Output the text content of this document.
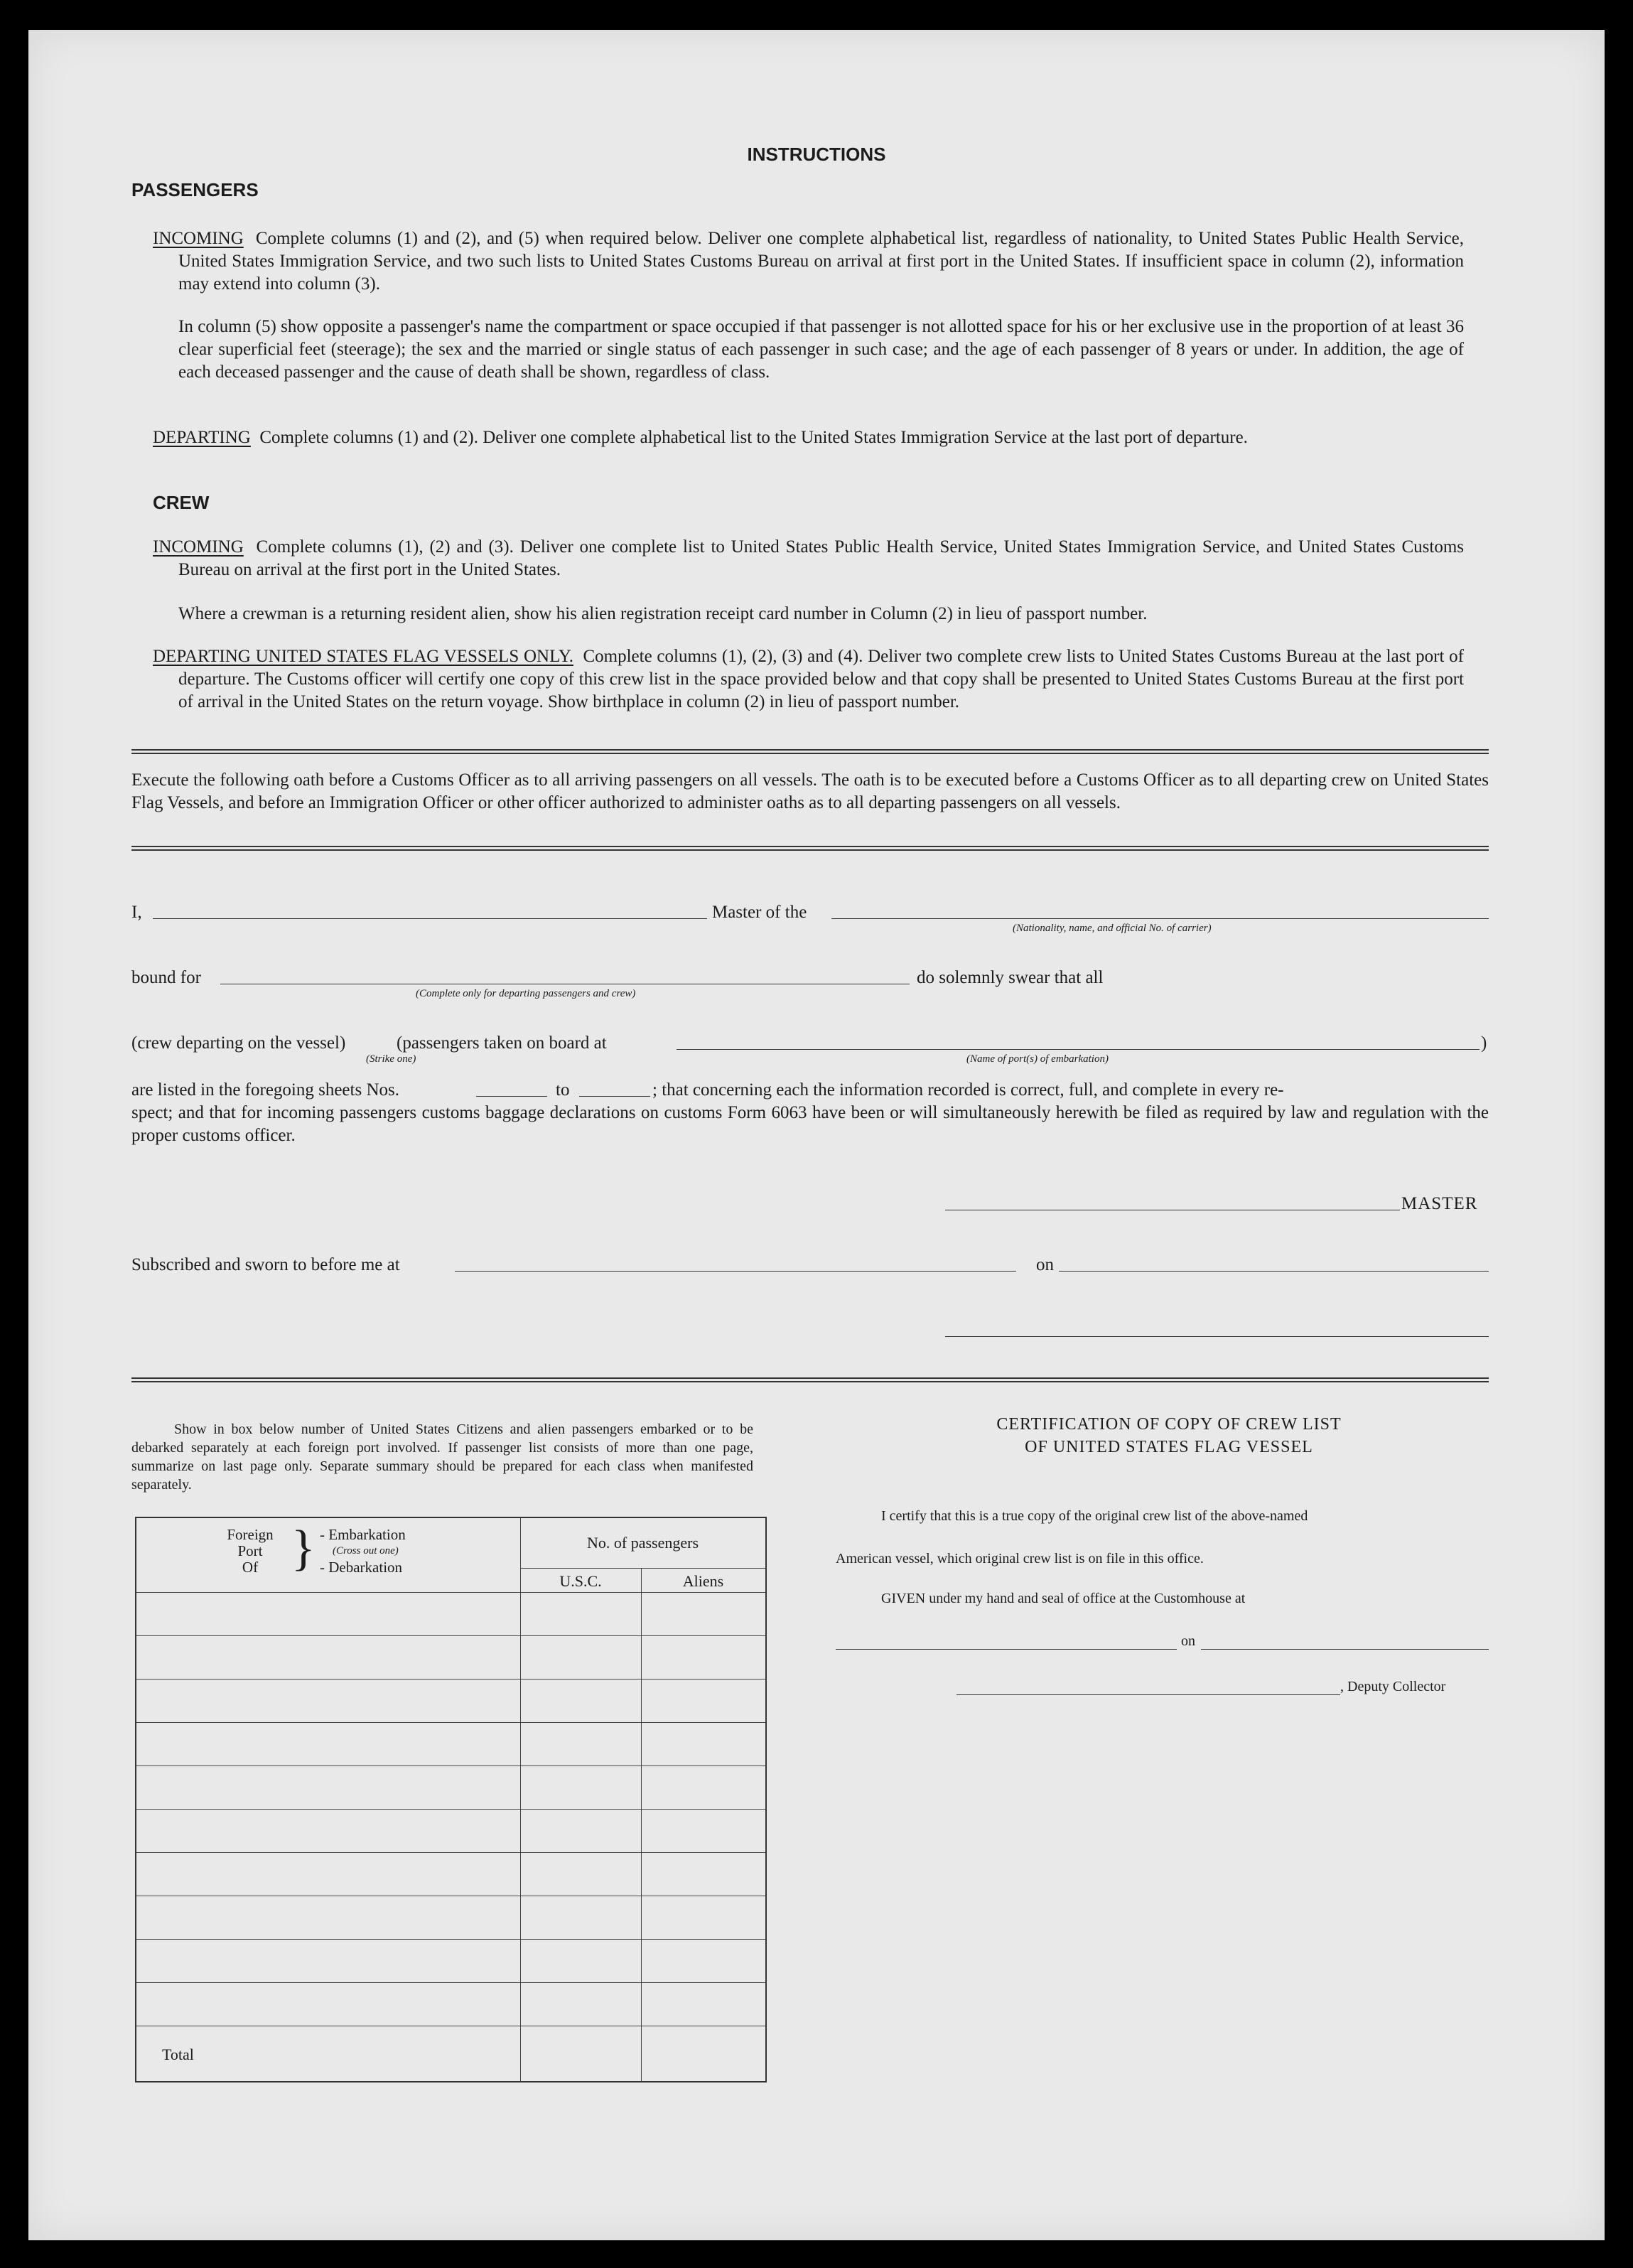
INSTRUCTIONS
PASSENGERS

INCOMING Complete columns (1) and (2), and (5) when required below. Deliver one complete alphabetical list, regardless of nationality, to United States Public Health Service, United States Immigration Service, and two such lists to United States Customs Bureau on arrival at first port in the United States. If insufficient space in column (2), information may extend into column (3).

In column (5) show opposite a passenger's name the compartment or space occupied if that passenger is not allotted space for his or her exclusive use in the proportion of at least 36 clear superficial feet (steerage); the sex and the married or single status of each passenger in such case; and the age of each passenger of 8 years or under. In addition, the age of each deceased passenger and the cause of death shall be shown, regardless of class.

DEPARTING Complete columns (1) and (2). Deliver one complete alphabetical list to the United States Immigration Service at the last port of departure.

CREW

INCOMING Complete columns (1), (2) and (3). Deliver one complete list to United States Public Health Service, United States Immigration Service, and United States Customs Bureau on arrival at the first port in the United States.

Where a crewman is a returning resident alien, show his alien registration receipt card number in Column (2) in lieu of passport number.

DEPARTING UNITED STATES FLAG VESSELS ONLY. Complete columns (1), (2), (3) and (4). Deliver two complete crew lists to United States Customs Bureau at the last port of departure. The Customs officer will certify one copy of this crew list in the space provided below and that copy shall be presented to United States Customs Bureau at the first port of arrival in the United States on the return voyage. Show birthplace in column (2) in lieu of passport number.

Execute the following oath before a Customs Officer as to all arriving passengers on all vessels. The oath is to be executed before a Customs Officer as to all departing crew on United States Flag Vessels, and before an Immigration Officer or other officer authorized to administer oaths as to all departing passengers on all vessels.

I,	Master of the
(Nationality, name, and official No. of carrier)
bound for
(Complete only for departing passengers and crew)
do solemnly swear that all
(crew departing on the vessel)
(Strike one)
(passengers taken on board at	)
(Name of port(s) of embarkation)
are listed in the foregoing sheets Nos.	to	; that concerning each the information recorded is correct, full, and complete in every re-

spect; and that for incoming passengers customs baggage declarations on customs Form 6063 have been or will simultaneously herewith be filed as required by law and regulation with the proper customs officer.

MASTER
Subscribed and sworn to before me at	on

Show in box below number of United States Citizens and alien passengers embarked or to be debarked separately at each foreign port involved. If passenger list consists of more than one page, summarize on last page only. Separate summary should be prepared for each class when manifested separately.

Foreign
Port
Of } - Embarkation
(Cross out one)
- Debarkation
No. of passengers
U.S.C.	Aliens
Total
CERTIFICATION OF COPY OF CREW LIST
OF UNITED STATES FLAG VESSEL
I certify that this is a true copy of the original crew list of the above-named
American vessel, which original crew list is on file in this office.
GIVEN under my hand and seal of office at the Customhouse at
on
, Deputy Collector
